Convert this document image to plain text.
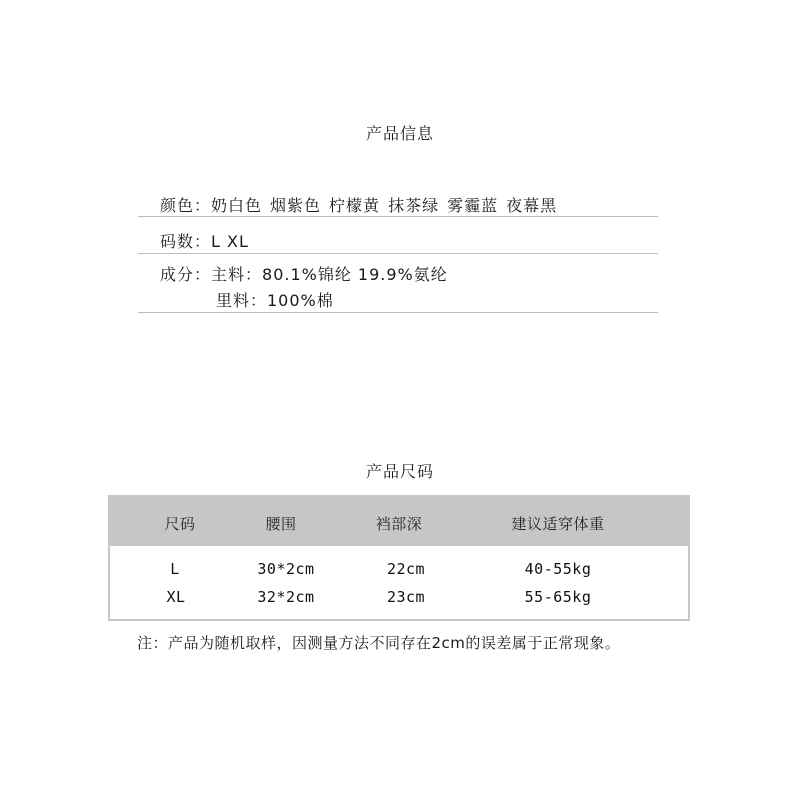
产品信息
颜色：奶白色 烟紫色 柠檬黄 抹茶绿 雾霾蓝 夜幕黑
码数：L XL
成分：主料：80.1%锦纶 19.9%氨纶
里料：100%棉
产品尺码
尺码	腰围	裆部深	建议适穿体重
L	30*2cm	22cm	40-55kg
XL	32*2cm	23cm	55-65kg
注：产品为随机取样，因测量方法不同存在2cm的误差属于正常现象。
